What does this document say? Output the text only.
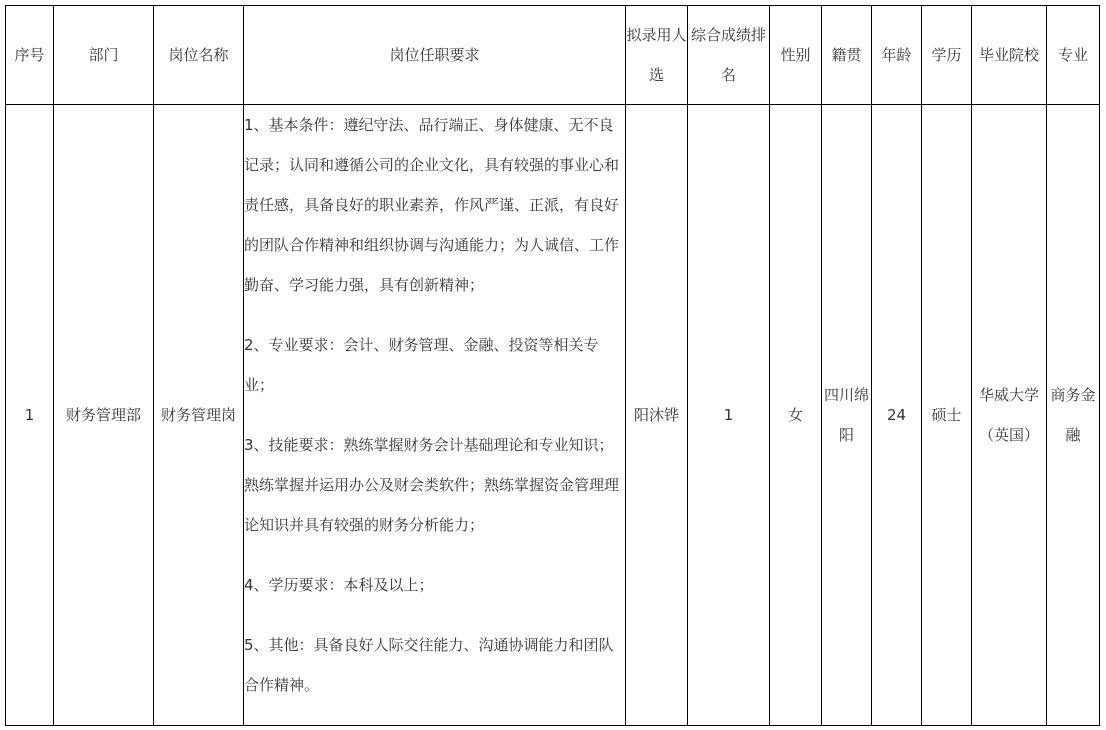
序号	部门	岗位名称	岗位任职要求	拟录用人选	综合成绩排名	性别	籍贯	年龄	学历	毕业院校	专业
1	财务管理部	财务管理岗	1、基本条件：遵纪守法、品行端正、身体健康、无不良记录；认同和遵循公司的企业文化，具有较强的事业心和责任感，具备良好的职业素养，作风严谨、正派，有良好的团队合作精神和组织协调与沟通能力；为人诚信、工作勤奋、学习能力强，具有创新精神；
2、专业要求：会计、财务管理、金融、投资等相关专业；
3、技能要求：熟练掌握财务会计基础理论和专业知识；熟练掌握并运用办公及财会类软件；熟练掌握资金管理理论知识并具有较强的财务分析能力；
4、学历要求：本科及以上；
5、其他：具备良好人际交往能力、沟通协调能力和团队合作精神。	阳沐铧	1	女	四川绵阳	24	硕士	华威大学（英国）	商务金融
